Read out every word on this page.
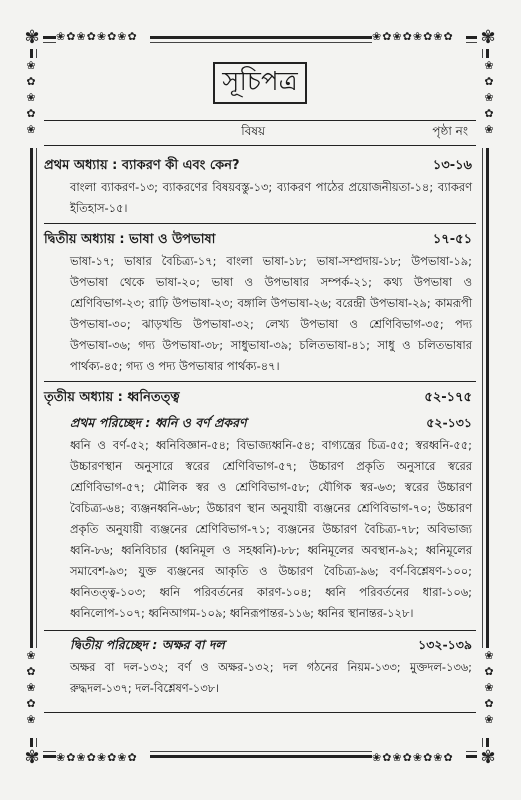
❀✿❀✿❀✿❀✿	❀✿❀✿❀✿❀✿
❀✿❀✿❀✿❀✿	❀✿❀✿❀✿❀✿
❀
✿
❀
✿
❀
❀
✿
❀
✿
❀
❀
✿
❀
✿
❀
❀
✿
❀
✿
❀
✾	✾
✾	✾
সূচিপত্র
বিষয়	পৃষ্ঠা নং
প্রথম অধ্যায় : ব্যাকরণ কী এবং কেন?	১৩-১৬
বাংলা ব্যাকরণ-১৩; ব্যাকরণের বিষয়বস্তু-১৩; ব্যাকরণ পাঠের প্রয়োজনীয়তা-১৪; ব্যাকরণ ইতিহাস-১৫।
দ্বিতীয় অধ্যায় : ভাষা ও উপভাষা	১৭-৫১
ভাষা-১৭; ভাষার বৈচিত্র্য-১৭; বাংলা ভাষা-১৮; ভাষা-সম্প্রদায়-১৮; উপভাষা-১৯; উপভাষা থেকে ভাষা-২০; ভাষা ও উপভাষার সম্পর্ক-২১; কথ্য উপভাষা ও শ্রেণিবিভাগ-২৩; রাঢ়ি উপভাষা-২৩; বঙ্গালি উপভাষা-২৬; বরেন্দ্রী উপভাষা-২৯; কামরূপী উপভাষা-৩০; ঝাড়খন্ডি উপভাষা-৩২; লেখ্য উপভাষা ও শ্রেণিবিভাগ-৩৫; পদ্য উপভাষা-৩৬; গদ্য উপভাষা-৩৮; সাধুভাষা-৩৯; চলিতভাষা-৪১; সাধু ও চলিতভাষার পার্থক্য-৪৫; গদ্য ও পদ্য উপভাষার পার্থক্য-৪৭।
তৃতীয় অধ্যায় : ধ্বনিতত্ত্ব	৫২-১৭৫
প্রথম পরিচ্ছেদ : ধ্বনি ও বর্ণ প্রকরণ	৫২-১৩১
ধ্বনি ও বর্ণ-৫২; ধ্বনিবিজ্ঞান-৫৪; বিভাজ্যধ্বনি-৫৪; বাগ্যন্ত্রের চিত্র-৫৫; স্বরধ্বনি-৫৫; উচ্চারণস্থান অনুসারে স্বরের শ্রেণিবিভাগ-৫৭; উচ্চারণ প্রকৃতি অনুসারে স্বরের শ্রেণিবিভাগ-৫৭; মৌলিক স্বর ও শ্রেণিবিভাগ-৫৮; যৌগিক স্বর-৬৩; স্বরের উচ্চারণ বৈচিত্র্য-৬৪; ব্যঞ্জনধ্বনি-৬৮; উচ্চারণ স্থান অনুযায়ী ব্যঞ্জনের শ্রেণিবিভাগ-৭০; উচ্চারণ প্রকৃতি অনুযায়ী ব্যঞ্জনের শ্রেণিবিভাগ-৭১; ব্যঞ্জনের উচ্চারণ বৈচিত্র্য-৭৮; অবিভাজ্য ধ্বনি-৮৬; ধ্বনিবিচার (ধ্বনিমূল ও সহধ্বনি)-৮৮; ধ্বনিমূলের অবস্থান-৯২; ধ্বনিমূলের সমাবেশ-৯৩; যুক্ত ব্যঞ্জনের আকৃতি ও উচ্চারণ বৈচিত্র্য-৯৬; বর্ণ-বিশ্লেষণ-১০০; ধ্বনিতত্ত্ব-১০৩; ধ্বনি পরিবর্তনের কারণ-১০৪; ধ্বনি পরিবর্তনের ধারা-১০৬; ধ্বনিলোপ-১০৭; ধ্বনিআগম-১০৯; ধ্বনিরূপান্তর-১১৬; ধ্বনির স্থানান্তর-১২৮।
দ্বিতীয় পরিচ্ছেদ : অক্ষর বা দল	১৩২-১৩৯
অক্ষর বা দল-১৩২; বর্ণ ও অক্ষর-১৩২; দল গঠনের নিয়ম-১৩৩; মুক্তদল-১৩৬; রুদ্ধদল-১৩৭; দল-বিশ্লেষণ-১৩৮।
